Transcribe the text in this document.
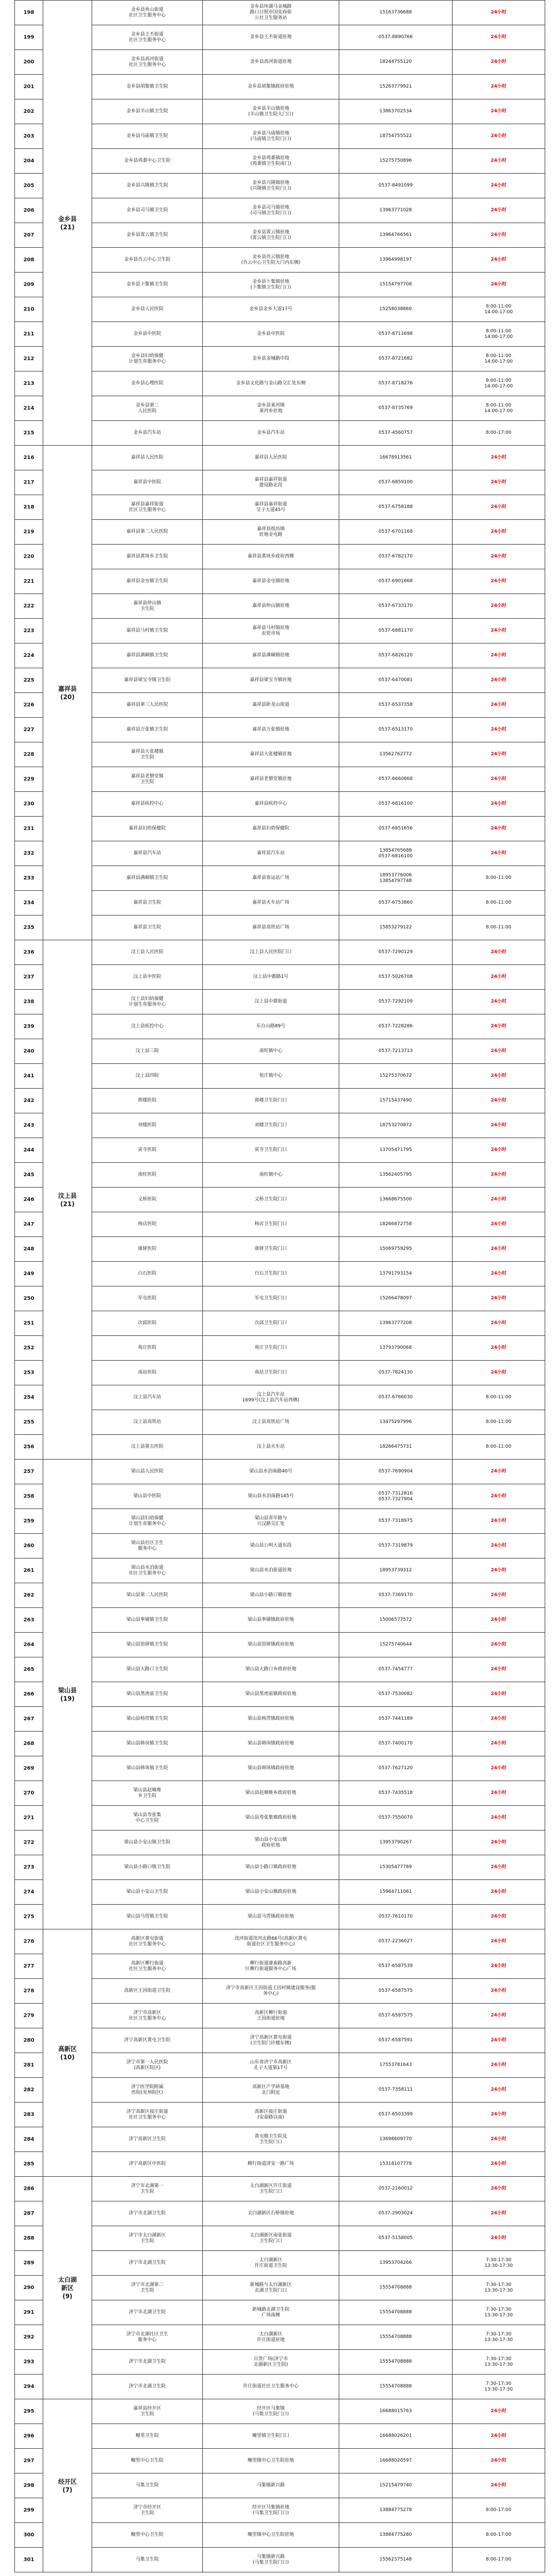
198	金乡县
(21)	金乡县鱼山街道
社区卫生服务中心	金乡县环湖马金城路
路口日照市国奕商街
公社卫生服务站	15163736688	24小时
199		金乡县王丕街道
社区卫生服务中心	金乡县王丕街道驻地	0537-8890766	24小时
200		金乡县高河街道
社区卫生服务中心	金乡县高河街道驻地	18244755120	24小时
201		金乡县胡集镇卫生院	金乡县胡集镇政府驻地	15263779921	24小时
202		金乡县羊山镇卫生院	金乡县羊山镇驻地
(羊山镇卫生院大门口)	13863702534	24小时
203		金乡县马庙镇卫生院	金乡县马庙镇驻地
(马庙镇卫生院门口)	18754755522	24小时
204		金乡县鸡黍中心卫生院	金乡县鸡黍镇驻地
(鸡黍镇卫生院南门)	15275750896	24小时
205		金乡县兴隆镇卫生院	金乡县兴隆镇驻地
(兴隆镇卫生院门口)	0537-8491099	24小时
206		金乡县司马镇卫生院	金乡县司马镇驻地
(司马镇卫生院门口)	13963771028	24小时
207		金乡县霄云镇卫生院	金乡县霄云镇驻地
(霄云镇卫生院门口)	13964766561	24小时
208		金乡县肖云中心卫生院	金乡县肖云镇驻地
(肖云中心卫生院大门内东侧)	13964998197	24小时
209		金乡县卜集镇卫生院	金乡县卜集镇驻地
(卜集镇卫生院门口)	15154797708	24小时
210		金乡县人民医院	金乡县金乡大道17号	15258038860	8:00-11:00
14:00-17:00
211		金乡县中医院	金乡县中医院	0537-8711698	8:00-11:00
14:00-17:00
212		金乡县妇幼保健
计划生育服务中心	金乡县金城路中段	0537-8721682	8:00-11:00
14:00-17:00
213		金乡县心理医院	金乡县文化路与金山路交汇处东侧	0537-8718276	8:00-11:00
14:00-17:00
214		金乡县第二
人民医院	金乡县莱河镇
莱河乡驻地	0537-8735769	8:00-11:00
14:00-17:00
215		金乡县汽车站	金乡县汽车站	0537-4560757	8:00-17:00
216	嘉祥县
(20)	嘉祥县人民医院	嘉祥县人民医院	16678913561	24小时
217		嘉祥县中医院	嘉祥县嘉祥街道
建设路北段	0537-6859100	24小时
218		嘉祥县嘉祥街道
社区卫生服务中心	嘉祥县嘉祥街道
呈子大道45号	0537-6758188	24小时
219		嘉祥县第二人民医院	嘉祥县纸坊镇
驻地金屯路	0537-6701168	24小时
220		嘉祥县黄垓乡卫生院	嘉祥县黄垓乡政府西侧	0537-6782170	24小时
221		嘉祥县金屯镇卫生院	嘉祥县金屯镇驻地	0537-6901668	24小时
222		嘉祥县仲山镇
卫生院	嘉祥县仲山镇驻地	0537-6733170	24小时
223		嘉祥县马村镇卫生院	嘉祥县马村镇驻地
农贸市场	0537-6881170	24小时
224		嘉祥县满硐镇卫生院	嘉祥县满硐镇驻地	0537-6826120	24小时
225		嘉祥县梁宝寺镇卫生院	嘉祥县梁宝寺镇驻地	0537-6470081	24小时
226		嘉祥县第三人民医院	嘉祥县卧龙山街道	0537-6537358	24小时
227		嘉祥县万张镇卫生院	嘉祥县万张镇驻地	0537-6513170	24小时
228		嘉祥县大张楼镇
卫生院	嘉祥县大张楼镇驻地	13562762772	24小时
229		嘉祥县老僧堂镇
卫生院	嘉祥县老僧堂镇驻地	0537-6660668	24小时
230		嘉祥县疾控中心	嘉祥县疾控中心	0537-6816100	24小时
231		嘉祥县妇幼保健院	嘉祥县妇幼保健院	0537-6851656	24小时
232		嘉祥县汽车站	嘉祥县汽车站	13854765688
0537-6816100	24小时
233		嘉祥县满硐镇卫生院	嘉祥县客运站广场	18953776006
13854797748	8:00-11:00
234		嘉祥县卫生院	嘉祥县火车站广场	0537-6753860	8:00-11:00
235		嘉祥县卫生院	嘉祥县高铁站广场	15853279122	8:00-11:00
236	汶上县
(21)	汶上县人民医院	汶上县人民医院门口	0537-7290129	24小时
237		汶上县中医院	汶上县中都路1号	0537-5026708	24小时
238		汶上县妇幼保健
计划生育服务中心	汶上县中都街道	0537-7292109	24小时
239		汶上县疾控中心	东台山路89号	0537-7228286	24小时
240		汶上县三院	南旺镇中心	0537-7213713	24小时
241		汶上县四院	苑庄镇中心	15275370672	24小时
242		郭楼医院	郭楼卫生院门口	15715437490	24小时
243		刘楼医院	刘楼卫生院门口	18753270872	24小时
244		寅寺医院	寅寺卫生院门口	13705471795	24小时
245		南旺医院	南旺镇中心	13562405795	24小时
246		义桥医院	义桥卫生院门口	13668675500	24小时
247		杨店医院	杨店卫生院门口	18266872758	24小时
248		康驿医院	康驿卫生院门口	15069759295	24小时
249		白石医院	白石卫生院门口	13791793154	24小时
250		军屯医院	军屯卫生院门口	15266478097	24小时
251		次邱医院	次邱卫生院门口	13963777208	24小时
252		苑庄医院	苑庄卫生院门口	13793790068	24小时
253		南站医院	南站卫生院门口	0537-7824130	24小时
254		汶上县汽车站	汶上县汽车站
1699号(汶上县汽车站西侧)	0537-6766030	8:00-11:00
255		汶上县高铁站	汶上县高铁站广场	13475297996	8:00-11:00
256		汶上县第五医院	汶上县火车站	18266475731	8:00-11:00
257	梁山县
(19)	梁山县人民医院	梁山县水泊南路40号	0537-7690904	24小时
258		梁山县中医院	梁山县水泊南路145号	0537-7312816
0537-7327904	24小时
259		梁山县妇幼保健
计划生育服务中心	梁山县青年路与
兴汉路交汇处	0537-7318975	24小时
260		梁山县社区卫生
服务中心	梁山县公明大道东段	0537-7319879	24小时
261		梁山县水泊街道
社区卫生服务中心	梁山县水泊街道驻地	18953739312	24小时
262		梁山县第二人民医院	梁山县小路口镇驻地	0537-7369170	24小时
263		梁山县拳铺镇卫生院	梁山县拳铺镇政府驻地	15006577572	24小时
264		梁山县馆驿镇卫生院	梁山县馆驿镇政府驻地	15275740644	24小时
265		梁山县大路口卫生院	梁山县大路口乡政府驻地	0537-7454777	24小时
266		梁山县黑虎庙卫生院	梁山县黑虎庙镇政府驻地	0537-7530082	24小时
267		梁山县杨营镇卫生院	梁山县杨营镇政府驻地	0537-7441189	24小时
268		梁山县韩岗镇卫生院	梁山县韩岗镇政府驻地	0537-7400170	24小时
269		梁山县韩垓镇卫生院	梁山县韩垓镇政府驻地	0537-7627120	24小时
270		梁山县赵堌堆
乡卫生院	梁山县赵堌堆乡政府驻地	0537-7435518	24小时
271		梁山县寿张集
中心卫生院	梁山县寿张集镇政府驻地	0537-7550070	24小时
272		梁山县小安山镇卫生院	梁山县小安山镇
政府驻地	13953790267	24小时
273		梁山县小路口镇卫生院	梁山县小路口镇政府驻地	15305477789	24小时
274		梁山县小安山卫生院	梁山县小安山镇政府驻地	15964711061	24小时
275		梁山县马营镇卫生院	梁山县马营镇政府驻地	0537-7610170	24小时
276	高新区
(10)	高新区黄屯街道
社区卫生服务中心	洸河街道洸河北路66号(高新区黄屯
街道社区卫生服务中心)	0537-2236027	24小时
277		高新区柳行街道
社区卫生服务中心	柳行街道康泰路高新
区柳行街道服务中心广场	0537-6587539	24小时
278		高新区王因街道卫生院	济宁市高新区王因街道王因村镇建设服务(服
务中心)	0537-6587575	24小时
279		济宁市高新区
社区卫生服务中心	高新区柳行街道
王因街道驻地	0537-6587575	24小时
280		济宁高新区黄屯卫生院	济宁高新区黄屯街道
(卫生院门诊楼东侧)	0537-6587591	24小时
281		济宁市第一人民医院
(高新区院区)	山东省济宁市高新区
孔子大道第17号	17553781643	24小时
282		济宁医学院附属
医院(兖州院区)	高新区产学研基地
北门附近	0537-7358111	24小时
283		济宁高新区接庄街道
社区卫生服务中心	高新区接庄街道
(安泰路以南)	0537-6503399	24小时
284		济宁高新区卫生院	黄屯镇卫生院及
卫生院门口	13698609770	24小时
285		济宁高新区中医院	柳行街道济安一路广场	15318107778	24小时
286	太白湖
新区
(9)	济宁市北湖第一
卫生院	太白湖新区许庄街道
卫生院门口	0537-2160012	24小时
287		济宁市北湖卫生院	太白湖新区石桥镇驻地	0537-2903024	24小时
288		济宁市太白湖新区
卫生院	太白湖新区南张街道
卫生院门口	0537-5158005	24小时
289		济宁市北湖卫生院	太白湖新区
许庄街道卫生院	13953704266	7:30-17:30
13:30-17:30
290		济宁市北湖第二
卫生院	新城路与太白湖新区
北湖卫生院门口	15554708888	7:30-17:30
13:30-17:30
291		济宁市北湖卫生院	新城路北湖卫生院
广场南侧	15554708888	7:30-17:30
13:30-17:30
292		济宁市北湖社区卫生
服务中心	太白湖新区
许庄街道驻地	15554708888	7:30-17:30
13:30-17:30
293		济宁市北湖卫生院	百货广场(济宁市
北湖新区卫生院)	15554708888	7:30-17:30
13:30-17:30
294		济宁市北湖卫生院	许庄街道社区卫生服务中心	15554708888	7:30-17:30
13:30-17:30
295	经开区
(7)	嘉祥县经开区
卫生院	经开区马集镇
(马集卫生院门口)	16688015763	24小时
296		疃里卫生院	疃里镇卫生院门口	16688026201	24小时
297		疃里中心卫生院	疃里镇中心卫生院驻地	16688020597	24小时
298		马集卫生院	马集镇新兴路	15215479740	24小时
299		济宁市经开区
卫生院	经开区马集镇驻地
(马集卫生院门口)	13884775278	8:00-17:00
300		疃里中心卫生院	疃里镇中心卫生院驻地	13884775280	8:00-17:00
301		马集卫生院	马集镇新兴路
(马集卫生院门口)	15562375148	8:00-17:00
